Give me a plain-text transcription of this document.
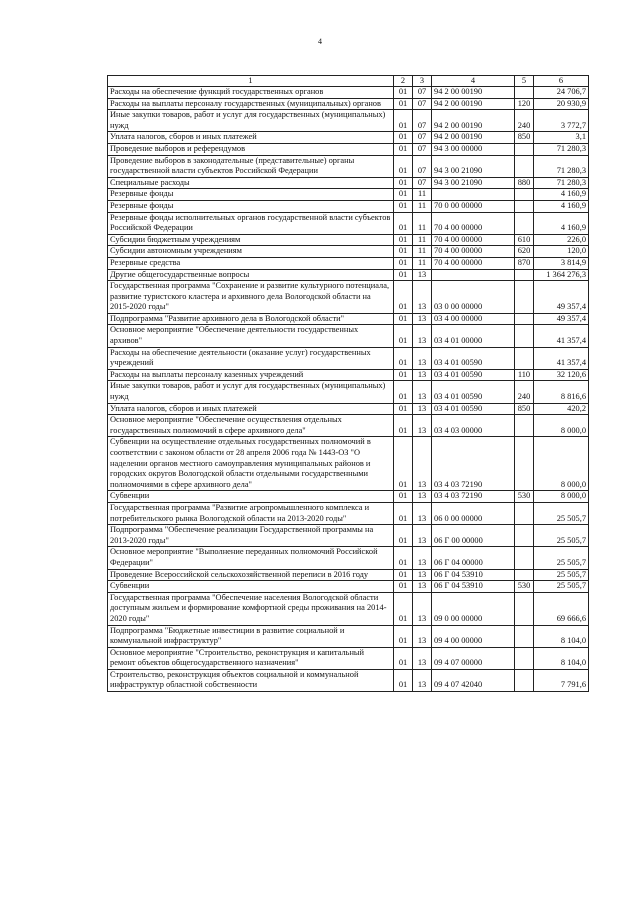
4
1	2	3	4	5	6
Расходы на обеспечение функций государственных органов	01	07	94 2 00 00190		24 706,7
Расходы на выплаты персоналу государственных (муниципальных) органов	01	07	94 2 00 00190	120	20 930,9
Иные закупки товаров, работ и услуг для государственных (муниципальных) нужд	01	07	94 2 00 00190	240	3 772,7
Уплата налогов, сборов и иных платежей	01	07	94 2 00 00190	850	3,1
Проведение выборов и референдумов	01	07	94 3 00 00000		71 280,3
Проведение выборов в законодательные (представительные) органы государственной власти субъектов Российской Федерации	01	07	94 3 00 21090		71 280,3
Специальные расходы	01	07	94 3 00 21090	880	71 280,3
Резервные фонды	01	11			4 160,9
Резервные фонды	01	11	70 0 00 00000		4 160,9
Резервные фонды исполнительных органов государственной власти субъектов Российской Федерации	01	11	70 4 00 00000		4 160,9
Субсидии бюджетным учреждениям	01	11	70 4 00 00000	610	226,0
Субсидии автономным учреждениям	01	11	70 4 00 00000	620	120,0
Резервные средства	01	11	70 4 00 00000	870	3 814,9
Другие общегосударственные вопросы	01	13			1 364 276,3
Государственная программа "Сохранение и развитие культурного потенциала, развитие туристского кластера и архивного дела Вологодской области на 2015-2020 годы"	01	13	03 0 00 00000		49 357,4
Подпрограмма "Развитие архивного дела в Вологодской области"	01	13	03 4 00 00000		49 357,4
Основное мероприятие "Обеспечение деятельности государственных архивов"	01	13	03 4 01 00000		41 357,4
Расходы на обеспечение деятельности (оказание услуг) государственных учреждений	01	13	03 4 01 00590		41 357,4
Расходы на выплаты персоналу казенных учреждений	01	13	03 4 01 00590	110	32 120,6
Иные закупки товаров, работ и услуг для государственных (муниципальных) нужд	01	13	03 4 01 00590	240	8 816,6
Уплата налогов, сборов и иных платежей	01	13	03 4 01 00590	850	420,2
Основное мероприятие "Обеспечение осуществления отдельных государственных полномочий в сфере архивного дела"	01	13	03 4 03 00000		8 000,0
Субвенции на осуществление отдельных государственных полномочий в соответствии с законом области от 28 апреля 2006 года № 1443-ОЗ "О наделении органов местного самоуправления муниципальных районов и городских округов Вологодской области отдельными государственными полномочиями в сфере архивного дела"	01	13	03 4 03 72190		8 000,0
Субвенции	01	13	03 4 03 72190	530	8 000,0
Государственная программа "Развитие агропромышленного комплекса и потребительского рынка Вологодской области на 2013-2020 годы"	01	13	06 0 00 00000		25 505,7
Подпрограмма "Обеспечение реализации Государственной программы на 2013-2020 годы"	01	13	06 Г 00 00000		25 505,7
Основное мероприятие "Выполнение переданных полномочий Российской Федерации"	01	13	06 Г 04 00000		25 505,7
Проведение Всероссийской сельскохозяйственной переписи в 2016 году	01	13	06 Г 04 53910		25 505,7
Субвенции	01	13	06 Г 04 53910	530	25 505,7
Государственная программа "Обеспечение населения Вологодской области доступным жильем и формирование комфортной среды проживания на 2014-2020 годы"	01	13	09 0 00 00000		69 666,6
Подпрограмма "Бюджетные инвестиции в развитие социальной и коммунальной инфраструктур"	01	13	09 4 00 00000		8 104,0
Основное мероприятие "Строительство, реконструкция и капитальный ремонт объектов общегосударственного назначения"	01	13	09 4 07 00000		8 104,0
Строительство, реконструкция объектов социальной и коммунальной инфраструктур областной собственности	01	13	09 4 07 42040		7 791,6
